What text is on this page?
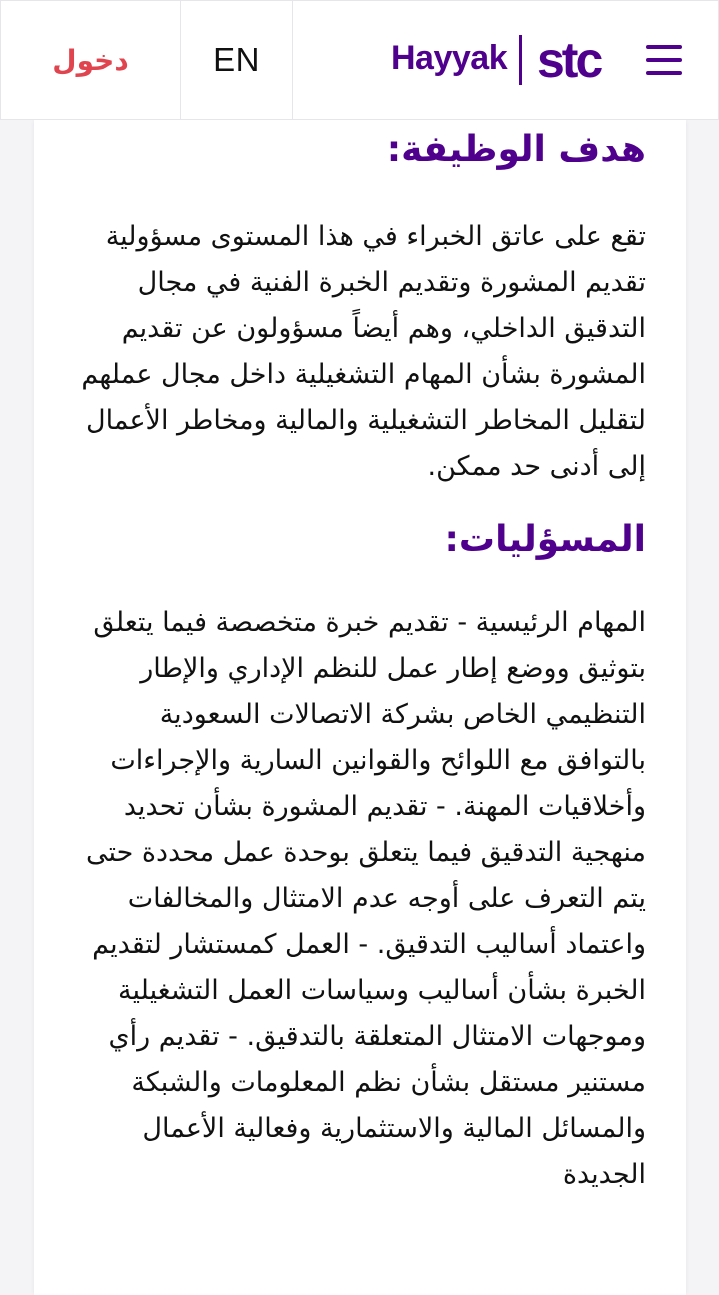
دخول	EN	Hayyak stc
هدف الوظيفة:

تقع على عاتق الخبراء في هذا المستوى مسؤولية تقديم المشورة وتقديم الخبرة الفنية في مجال التدقيق الداخلي، وهم أيضاً مسؤولون عن تقديم المشورة بشأن المهام التشغيلية داخل مجال عملهم لتقليل المخاطر التشغيلية والمالية ومخاطر الأعمال إلى أدنى حد ممكن.

المسؤليات:

المهام الرئيسية - تقديم خبرة متخصصة فيما يتعلق بتوثيق ووضع إطار عمل للنظم الإداري والإطار التنظيمي الخاص بشركة الاتصالات السعودية بالتوافق مع اللوائح والقوانين السارية والإجراءات وأخلاقيات المهنة. - تقديم المشورة بشأن تحديد منهجية التدقيق فيما يتعلق بوحدة عمل محددة حتى يتم التعرف على أوجه عدم الامتثال والمخالفات واعتماد أساليب التدقيق. - العمل كمستشار لتقديم الخبرة بشأن أساليب وسياسات العمل التشغيلية وموجهات الامتثال المتعلقة بالتدقيق. - تقديم رأي مستنير مستقل بشأن نظم المعلومات والشبكة والمسائل المالية والاستثمارية وفعالية الأعمال الجديدة
